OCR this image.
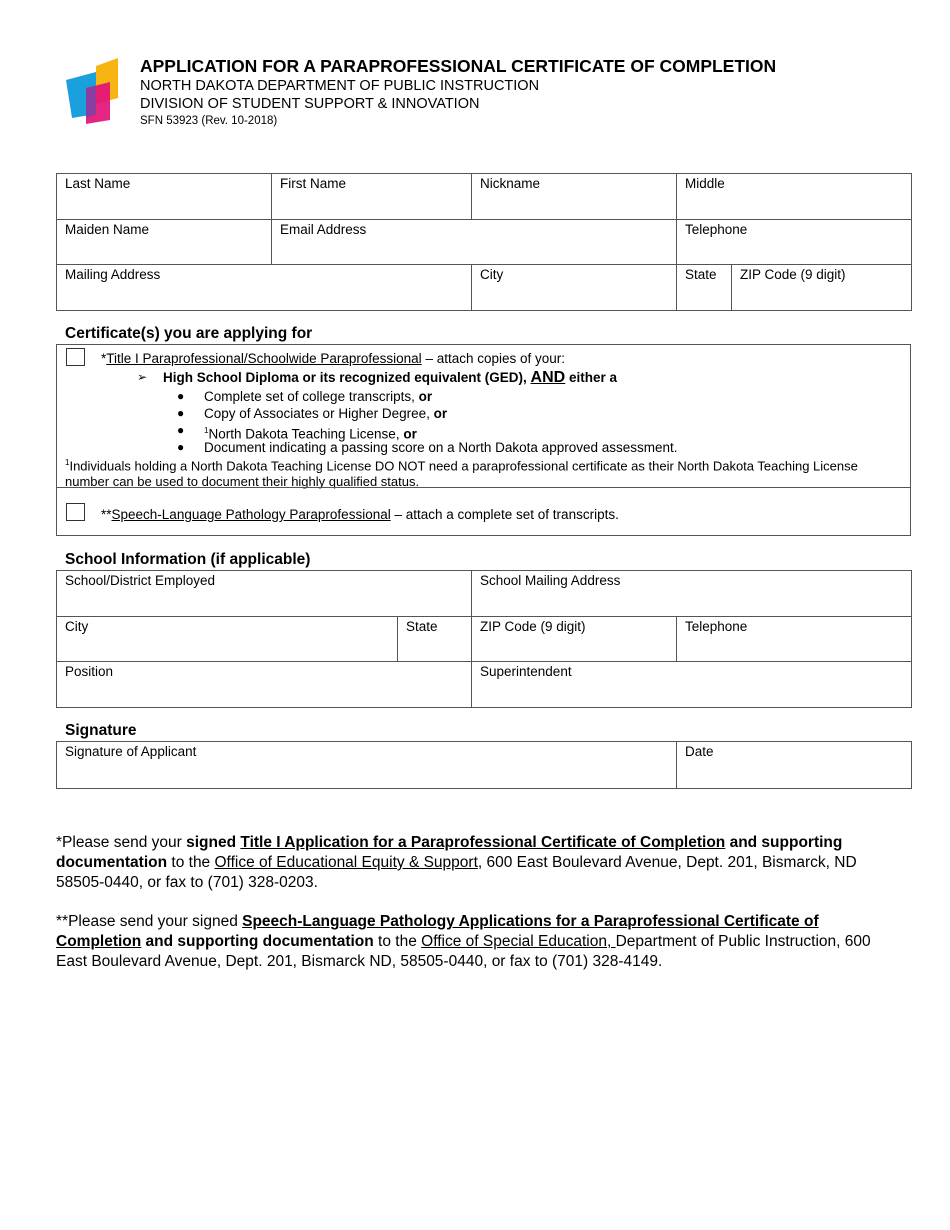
APPLICATION FOR A PARAPROFESSIONAL CERTIFICATE OF COMPLETION
NORTH DAKOTA DEPARTMENT OF PUBLIC INSTRUCTION
DIVISION OF STUDENT SUPPORT & INNOVATION
SFN 53923 (Rev. 10-2018)
Last Name	First Name	Nickname	Middle	
Maiden Name	Email Address		Telephone	
Mailing Address		City	State	ZIP Code (9 digit)
Certificate(s) you are applying for
*Title I Paraprofessional/Schoolwide Paraprofessional – attach copies of your:
➢ High School Diploma or its recognized equivalent (GED), AND either a
● Complete set of college transcripts, or
● Copy of Associates or Higher Degree, or
● $^1$North Dakota Teaching License, or
● Document indicating a passing score on a North Dakota approved assessment.
$^1$Individuals holding a North Dakota Teaching License DO NOT need a paraprofessional certificate as their North Dakota Teaching License number can be used to document their highly qualified status.
**Speech-Language Pathology Paraprofessional – attach a complete set of transcripts.
School Information (if applicable)
School/District Employed		School Mailing Address	
City	State	ZIP Code (9 digit)	Telephone
Position		Superintendent	
Signature
Signature of Applicant	Date
*Please send your signed Title I Application for a Paraprofessional Certificate of Completion and supporting documentation to the Office of Educational Equity & Support, 600 East Boulevard Avenue, Dept. 201, Bismarck, ND 58505-0440, or fax to (701) 328-0203.
**Please send your signed Speech-Language Pathology Applications for a Paraprofessional Certificate of Completion and supporting documentation to the Office of Special Education, Department of Public Instruction, 600 East Boulevard Avenue, Dept. 201, Bismarck ND, 58505-0440, or fax to (701) 328-4149.
